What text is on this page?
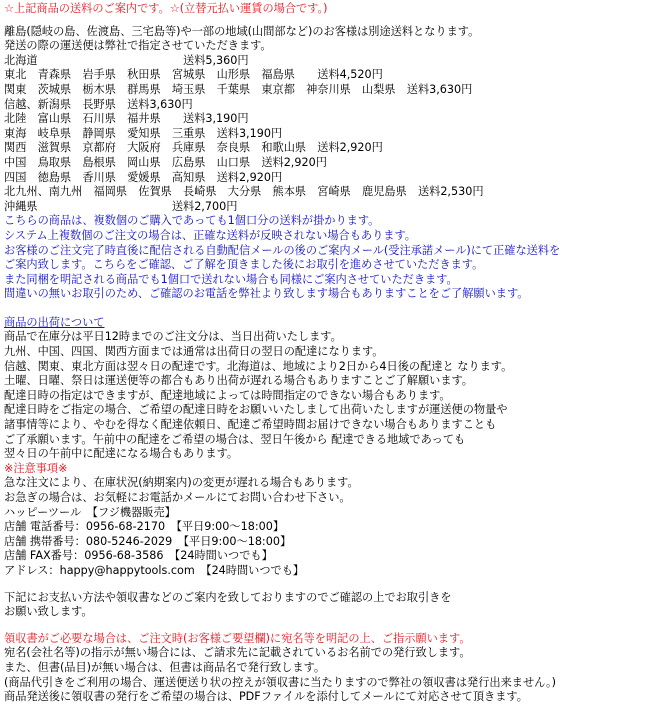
☆上記商品の送料のご案内です。☆(立替元払い運賃の場合です。)
離島(隠岐の島、佐渡島、三宅島等)や一部の地域(山間部など)のお客様は別途送料となります。
発送の際の運送便は弊社で指定させていただきます。
北海道　　　　　　　　　　　　　送料5,360円
東北　青森県　岩手県　秋田県　宮城県　山形県　福島県　　送料4,520円
関東　茨城県　栃木県　群馬県　埼玉県　千葉県　東京都　神奈川県　山梨県　送料3,630円
信越、新潟県　長野県　送料3,630円
北陸　富山県　石川県　福井県　　送料3,190円
東海　岐阜県　静岡県　愛知県　三重県　送料3,190円
関西　滋賀県　京都府　大阪府　兵庫県　奈良県　和歌山県　送料2,920円
中国　鳥取県　島根県　岡山県　広島県　山口県　送料2,920円
四国　徳島県　香川県　愛媛県　高知県　送料2,920円
北九州、南九州　福岡県　佐賀県　長崎県　大分県　熊本県　宮崎県　鹿児島県　送料2,530円
沖縄県　　　　　　　　　　　　送料2,700円
こちらの商品は、複数個のご購入であっても1個口分の送料が掛かります。
システム上複数個のご注文の場合は、正確な送料が反映されない場合もあります。
お客様のご注文完了時直後に配信される自動配信メールの後のご案内メール(受注承諾メール)にて正確な送料を
ご案内致します。こちらをご確認、ご了解を頂きました後にお取引を進めさせていただきます。
また同梱を明記される商品でも1個口で送れない場合も同様にご案内させていただきます。
間違いの無いお取引のため、ご確認のお電話を弊社より致します場合もありますことをご了解願います。
商品の出荷について
商品で在庫分は平日12時までのご注文分は、当日出荷いたします。
九州、中国、四国、関西方面までは通常は出荷日の翌日の配達になります。
信越、関東、東北方面は翌々日の配達です。北海道は、地域により2日から4日後の配達と なります。
土曜、日曜、祭日は運送便等の都合もあり出荷が遅れる場合もありますことご了解願います。
配達日時の指定はできますが、配達地域によっては時間指定のできない場合もあります。
配達日時をご指定の場合、ご希望の配達日時をお願いいたしまして出荷いたしますが運送便の物量や
諸事情等により、やむを得なく配達依頼日、配達ご希望時間お届けできない場合もありますことも
ご了承願います。午前中の配達をご希望の場合は、翌日午後から 配達できる地域であっても
翌々日の午前中に配達になる場合もあります。
※注意事項※
急な注文により、在庫状況(納期案内)の変更が遅れる場合もあります。
お急ぎの場合は、お気軽にお電話かメールにてお問い合わせ下さい。
ハッピーツール　【フジ機器販売】
店舗 電話番号：0956-68-2170　【平日9:00〜18:00】
店舗 携帯番号：080-5246-2029　【平日9:00〜18:00】
店舗 FAX番号：0956-68-3586　【24時間いつでも】
アドレス：happy@happytools.com　【24時間いつでも】
下記にお支払い方法や領収書などのご案内を致しておりますのでご確認の上でお取引きを
お願い致します。
領収書がご必要な場合は、ご注文時(お客様ご要望欄)に宛名等を明記の上、ご指示願います。
宛名(会社名等)の指示が無い場合には、ご請求先に記載されているお名前での発行致します。
また、但書(品目)が無い場合は、但書は商品名で発行致します。
(商品代引きをご利用の場合、運送便送り状の控えが領収書に当たりますので弊社の領収書は発行出来ません。)
商品発送後に領収書の発行をご希望の場合は、PDFファイルを添付してメールにて対応させて頂きます。
